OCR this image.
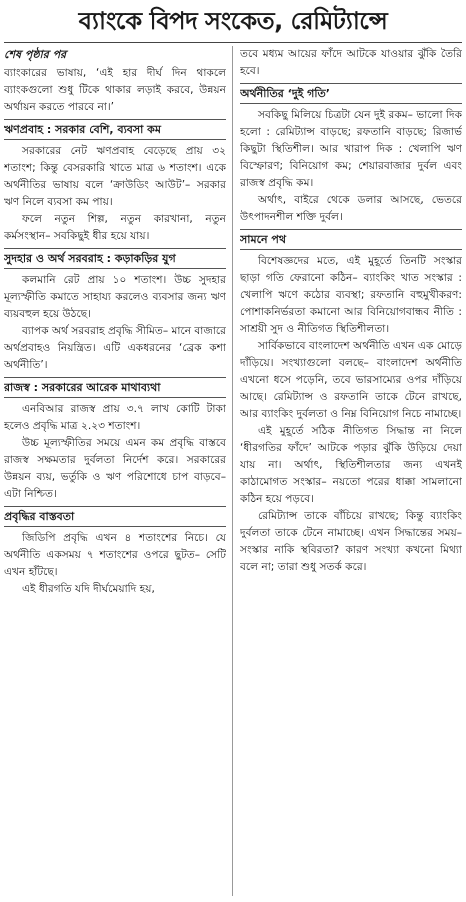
ব্যাংকে বিপদ সংকেত, রেমিট্যান্সে

শেষ পৃষ্ঠার পর

ব্যাংকারের ভাষায়, ‘এই হার দীর্ঘ দিন থাকলে ব্যাংকগুলো শুধু টিকে থাকার লড়াই করবে, উন্নয়ন অর্থায়ন করতে পারবে না।’

ঋণপ্রবাহ : সরকার বেশি, ব্যবসা কম

সরকারের নেট ঋণপ্রবাহ বেড়েছে প্রায় ৩২ শতাংশ; কিন্তু বেসরকারি খাতে মাত্র ৬ শতাংশ। একে অর্থনীতির ভাষায় বলে ‘ক্রাউডিং আউট’– সরকার ঋণ নিলে ব্যবসা কম পায়।

ফলে নতুন শিল্প, নতুন কারখানা, নতুন কর্মসংস্থান– সবকিছুই ধীর হয়ে যায়।

সুদহার ও অর্থ সরবরাহ : কড়াকড়ির যুগ

কলমানি রেট প্রায় ১০ শতাংশ। উচ্চ সুদহার মূল্যস্ফীতি কমাতে সাহায্য করলেও ব্যবসার জন্য ঋণ ব্যয়বহুল হয়ে উঠছে।

ব্যাপক অর্থ সরবরাহ প্রবৃদ্ধি সীমিত– মানে বাজারে অর্থপ্রবাহও নিয়ন্ত্রিত। এটি একধরনের ‘ব্রেক কশা অর্থনীতি’।

রাজস্ব : সরকারের আরেক মাথাব্যথা

এনবিআর রাজস্ব প্রায় ৩.৭ লাখ কোটি টাকা হলেও প্রবৃদ্ধি মাত্র ২.২৩ শতাংশ।

উচ্চ মূল্যস্ফীতির সময়ে এমন কম প্রবৃদ্ধি বাস্তবে রাজস্ব সক্ষমতার দুর্বলতা নির্দেশ করে। সরকারের উন্নয়ন ব্যয়, ভর্তুকি ও ঋণ পরিশোধে চাপ বাড়বে– এটা নিশ্চিত।

প্রবৃদ্ধির বাস্তবতা

জিডিপি প্রবৃদ্ধি এখন ৪ শতাংশের নিচে। যে অর্থনীতি একসময় ৭ শতাংশের ওপরে ছুটত– সেটি এখন হাঁটছে।

এই ধীরগতি যদি দীর্ঘমেয়াদি হয়,

তবে মধ্যম আয়ের ফাঁদে আটকে যাওয়ার ঝুঁকি তৈরি হবে।

অর্থনীতির ‘দুই গতি’

সবকিছু মিলিয়ে চিত্রটা যেন দুই রকম– ভালো দিক হলো : রেমিট্যান্স বাড়ছে; রফতানি বাড়ছে; রিজার্ভ কিছুটা স্থিতিশীল। আর খারাপ দিক : খেলাপি ঋণ বিস্ফোরণ; বিনিয়োগ কম; শেয়ারবাজার দুর্বল এবং রাজস্ব প্রবৃদ্ধি কম।

অর্থাৎ, বাইরে থেকে ডলার আসছে, ভেতরে উৎপাদনশীল শক্তি দুর্বল।

সামনে পথ

বিশেষজ্ঞদের মতে, এই মুহূর্তে তিনটি সংস্কার ছাড়া গতি ফেরানো কঠিন– ব্যাংকিং খাত সংস্কার : খেলাপি ঋণে কঠোর ব্যবস্থা; রফতানি বহুমুখীকরণ: পোশাকনির্ভরতা কমানো আর বিনিয়োগবান্ধব নীতি : সাশ্রয়ী সুদ ও নীতিগত স্থিতিশীলতা।

সার্বিকভাবে বাংলাদেশ অর্থনীতি এখন এক মোড়ে দাঁড়িয়ে। সংখ্যাগুলো বলছে– বাংলাদেশ অর্থনীতি এখনো ধসে পড়েনি, তবে ভারসাম্যের ওপর দাঁড়িয়ে আছে। রেমিট্যান্স ও রফতানি তাকে টেনে রাখছে, আর ব্যাংকিং দুর্বলতা ও নিম্ন বিনিয়োগ নিচে নামাচ্ছে।

এই মুহূর্তে সঠিক নীতিগত সিদ্ধান্ত না নিলে ‘ধীরগতির ফাঁদে’ আটকে পড়ার ঝুঁকি উড়িয়ে দেয়া যায় না। অর্থাৎ, স্থিতিশীলতার জন্য এখনই কাঠামোগত সংস্কার– নয়তো পরের ধাক্কা সামলানো কঠিন হয়ে পড়বে।

রেমিট্যান্স তাকে বাঁচিয়ে রাখছে; কিন্তু ব্যাংকিং দুর্বলতা তাকে টেনে নামাচ্ছে। এখন সিদ্ধান্তের সময়– সংস্কার নাকি স্থবিরতা? কারণ সংখ্যা কখনো মিথ্যা বলে না; তারা শুধু সতর্ক করে।
